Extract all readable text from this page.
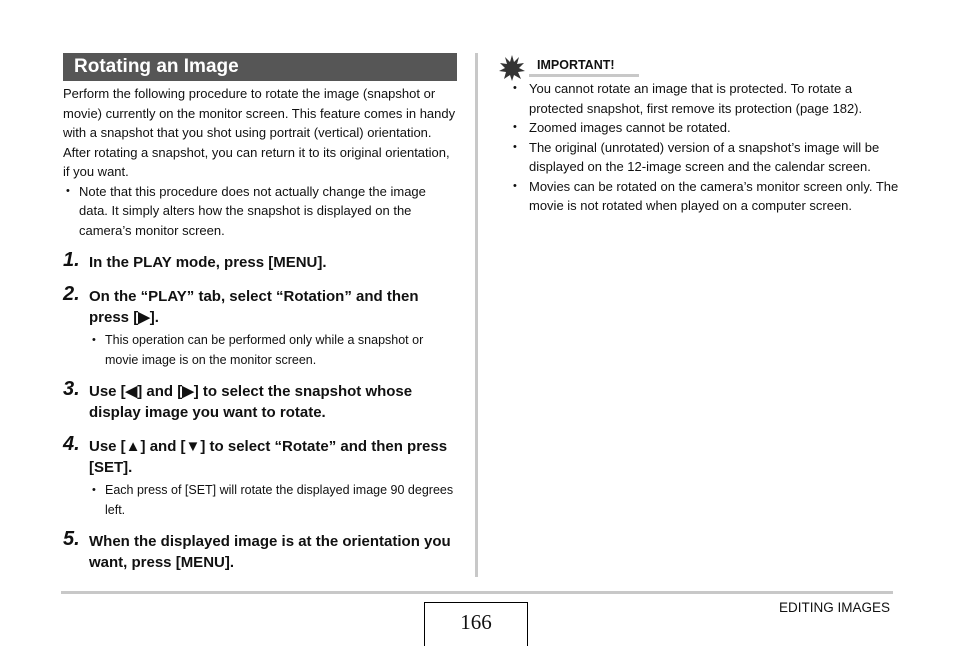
Rotating an Image
Perform the following procedure to rotate the image (snapshot or movie) currently on the monitor screen. This feature comes in handy with a snapshot that you shot using portrait (vertical) orientation. After rotating a snapshot, you can return it to its original orientation, if you want.
• Note that this procedure does not actually change the image data. It simply alters how the snapshot is displayed on the camera’s monitor screen.
1. In the PLAY mode, press [MENU].
2. On the “PLAY” tab, select “Rotation” and then press [▶].
• This operation can be performed only while a snapshot or movie image is on the monitor screen.
3. Use [◀] and [▶] to select the snapshot whose display image you want to rotate.
4. Use [▲] and [▼] to select “Rotate” and then press [SET].
• Each press of [SET] will rotate the displayed image 90 degrees left.
5. When the displayed image is at the orientation you want, press [MENU].
IMPORTANT!
• You cannot rotate an image that is protected. To rotate a protected snapshot, first remove its protection (page 182).
• Zoomed images cannot be rotated.
• The original (unrotated) version of a snapshot’s image will be displayed on the 12-image screen and the calendar screen.
• Movies can be rotated on the camera’s monitor screen only. The movie is not rotated when played on a computer screen.
166
EDITING IMAGES
